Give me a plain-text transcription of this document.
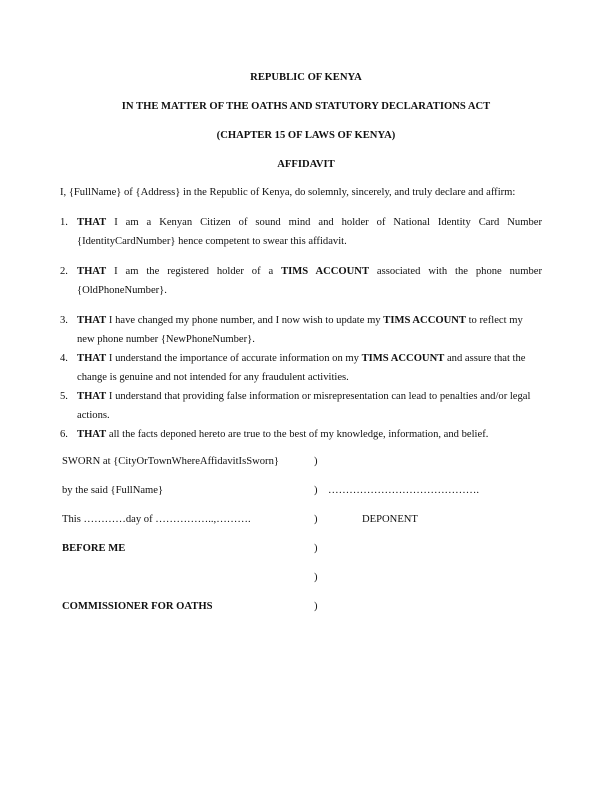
REPUBLIC OF KENYA
IN THE MATTER OF THE OATHS AND STATUTORY DECLARATIONS ACT
(CHAPTER 15 OF LAWS OF KENYA)
AFFIDAVIT
I, {FullName} of {Address} in the Republic of Kenya, do solemnly, sincerely, and truly declare and affirm:
1. THAT I am a Kenyan Citizen of sound mind and holder of National Identity Card Number {IdentityCardNumber} hence competent to swear this affidavit.
2. THAT I am the registered holder of a TIMS ACCOUNT associated with the phone number {OldPhoneNumber}.
3. THAT I have changed my phone number, and I now wish to update my TIMS ACCOUNT to reflect my new phone number {NewPhoneNumber}.
4. THAT I understand the importance of accurate information on my TIMS ACCOUNT and assure that the change is genuine and not intended for any fraudulent activities.
5. THAT I understand that providing false information or misrepresentation can lead to penalties and/or legal actions.
6. THAT all the facts deponed hereto are true to the best of my knowledge, information, and belief.
SWORN at {CityOrTownWhereAffidavitIsSworn}	)
by the said {FullName}	) …………………………………….
This …………day of ……………..,……….	)	DEPONENT
BEFORE ME	)
)
COMMISSIONER FOR OATHS	)
